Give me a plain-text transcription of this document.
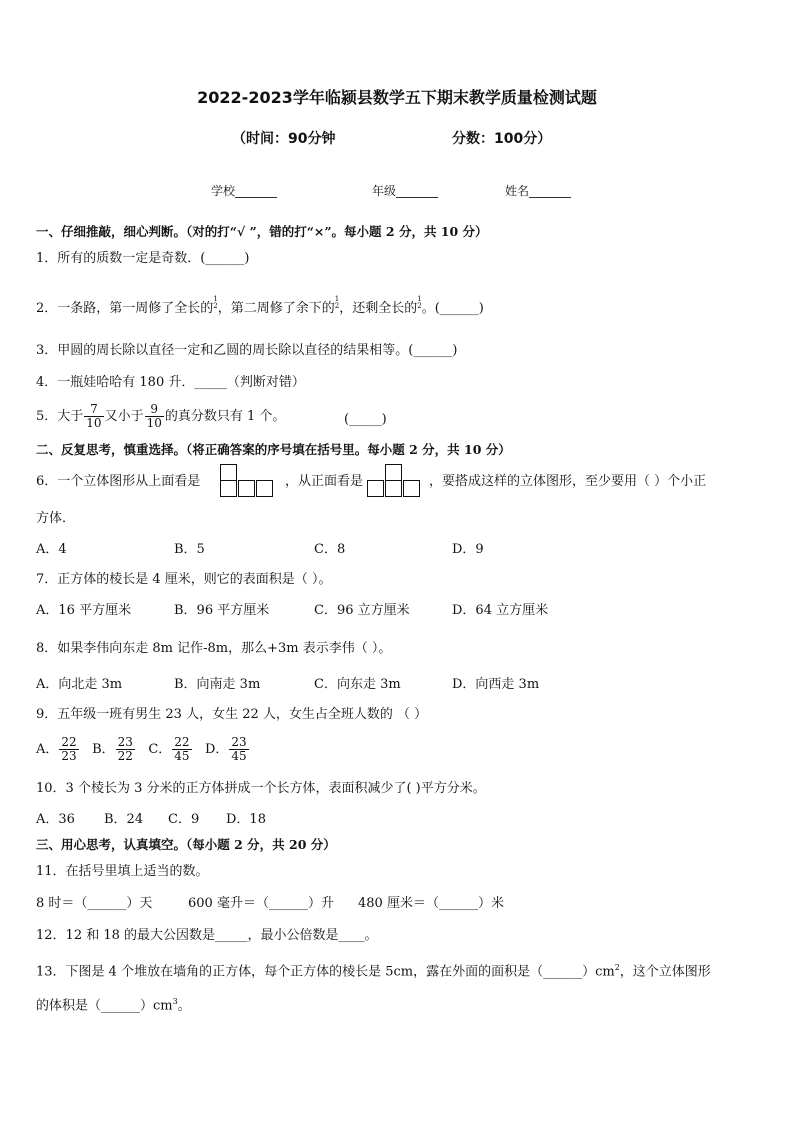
2022-2023学年临颍县数学五下期末教学质量检测试题
（时间：90分钟	分数：100分）
学校_______	年级_______	姓名_______
一、仔细推敲，细心判断。（对的打“√ ”，错的打“×”。每小题 2 分，共 10 分）
1．所有的质数一定是奇数．(______)
2．一条路，第一周修了全长的
1
2 ，第二周修了余下的
1
2 ，还剩全长的
1
2 。(______)
3．甲圆的周长除以直径一定和乙圆的周长除以直径的结果相等。(______)
4．一瓶娃哈哈有 180 升．_____（判断对错）
5．大于 $\frac{7}{10}$ 又小于 $\frac{9}{10}$ 的真分数只有 1 个。	(_____)
二、反复思考，慎重选择。（将正确答案的序号填在括号里。每小题 2 分，共 10 分）
6．一个立体图形从上面看是	，从正面看是	，要搭成这样的立体图形，至少要用（ ）个小正
方体．
A．4	B．5	C．8	D．9
7．正方体的棱长是 4 厘米，则它的表面积是（ ）。
A．16 平方厘米	B．96 平方厘米	C．96 立方厘米	D．64 立方厘米
8．如果李伟向东走 8m 记作-8m，那么+3m 表示李伟（ ）。
A．向北走 3m	B．向南走 3m	C．向东走 3m	D．向西走 3m
9．五年级一班有男生 23 人，女生 22 人，女生占全班人数的 （ ）
A． $\frac{22}{23}$ B． $\frac{23}{22}$ C． $\frac{22}{45}$ D． $\frac{23}{45}$
10．3 个棱长为 3 分米的正方体拼成一个长方体，表面积减少了( )平方分米。
A．36 B．24 C．9 D．18
三、用心思考，认真填空。（每小题 2 分，共 20 分）
11．在括号里填上适当的数。
8 时＝（______）天	600 毫升＝（______）升 480 厘米＝（______）米
12．12 和 18 的最大公因数是_____，最小公倍数是____。
13．下图是 4 个堆放在墙角的正方体，每个正方体的棱长是 5cm，露在外面的面积是$(\_\_\_\_\_\_)cm^2$，这个立体图形
的体积是$(\_\_\_\_\_\_)cm^3$。
